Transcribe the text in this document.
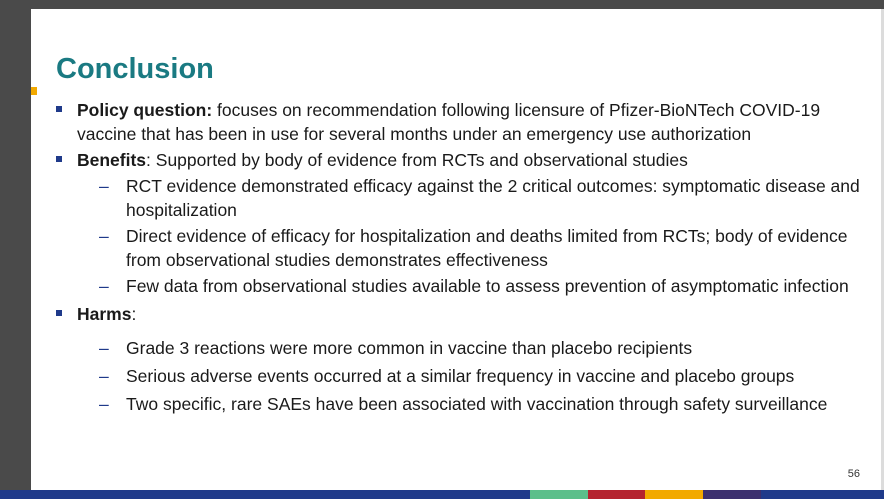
Conclusion
Policy question: focuses on recommendation following licensure of Pfizer-BioNTech COVID-19 vaccine that has been in use for several months under an emergency use authorization
Benefits: Supported by body of evidence from RCTs and observational studies
– RCT evidence demonstrated efficacy against the 2 critical outcomes: symptomatic disease and hospitalization
– Direct evidence of efficacy for hospitalization and deaths limited from RCTs; body of evidence from observational studies demonstrates effectiveness
– Few data from observational studies available to assess prevention of asymptomatic infection
Harms:
– Grade 3 reactions were more common in vaccine than placebo recipients
– Serious adverse events occurred at a similar frequency in vaccine and placebo groups
– Two specific, rare SAEs have been associated with vaccination through safety surveillance
56
